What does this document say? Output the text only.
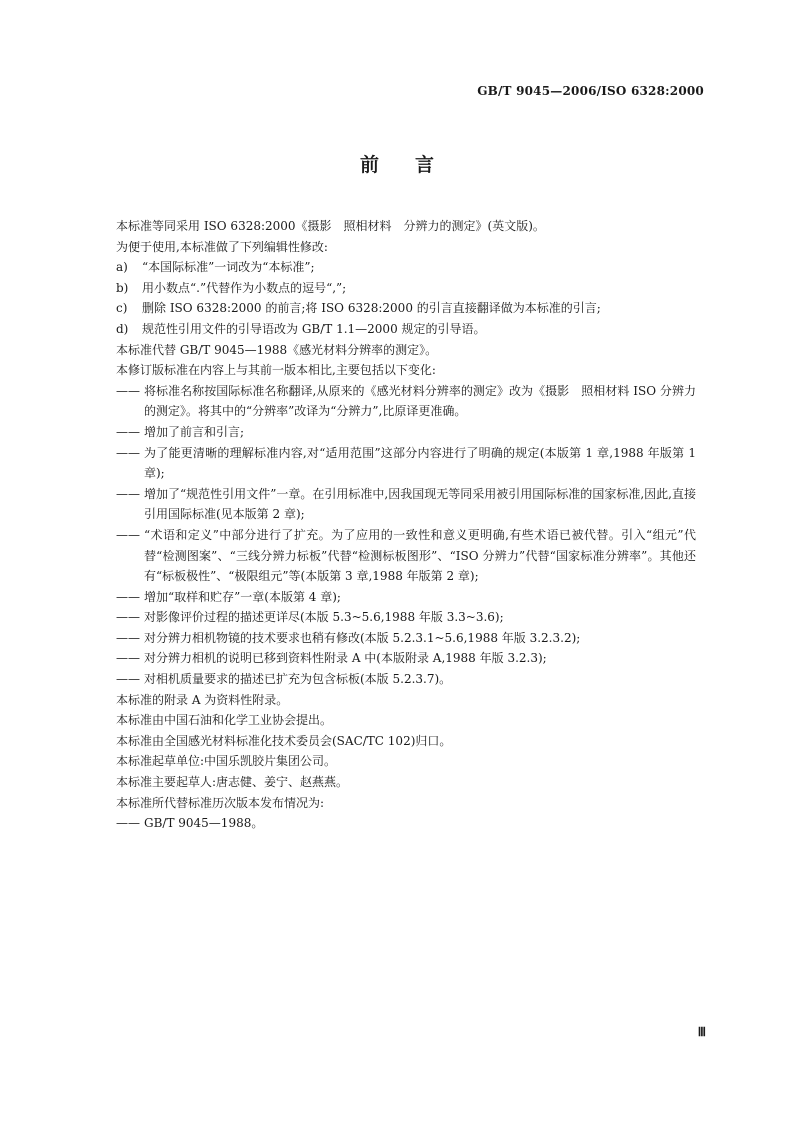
GB/T 9045—2006/ISO 6328:2000
前言
本标准等同采用 ISO 6328:2000《摄影　照相材料　分辨力的测定》(英文版)。
为便于使用,本标准做了下列编辑性修改:
a)	“本国际标准”一词改为“本标准”;
b)	用小数点“.”代替作为小数点的逗号“,”;
c)	删除 ISO 6328:2000 的前言;将 ISO 6328:2000 的引言直接翻译做为本标准的引言;
d)	规范性引用文件的引导语改为 GB/T 1.1—2000 规定的引导语。
本标准代替 GB/T 9045—1988《感光材料分辨率的测定》。
本修订版标准在内容上与其前一版本相比,主要包括以下变化:
—— 将标准名称按国际标准名称翻译,从原来的《感光材料分辨率的测定》改为《摄影　照相材料 ISO 分辨力的测定》。将其中的“分辨率”改译为“分辨力”,比原译更准确。
—— 增加了前言和引言;
—— 为了能更清晰的理解标准内容,对“适用范围”这部分内容进行了明确的规定(本版第 1 章,1988 年版第 1 章);
—— 增加了“规范性引用文件”一章。在引用标准中,因我国现无等同采用被引用国际标准的国家标准,因此,直接引用国际标准(见本版第 2 章);
—— “术语和定义”中部分进行了扩充。为了应用的一致性和意义更明确,有些术语已被代替。引入“组元”代替“检测图案”、“三线分辨力标板”代替“检测标板图形”、“ISO 分辨力”代替“国家标准分辨率”。其他还有“标板极性”、“极限组元”等(本版第 3 章,1988 年版第 2 章);
—— 增加“取样和贮存”一章(本版第 4 章);
—— 对影像评价过程的描述更详尽(本版 5.3~5.6,1988 年版 3.3~3.6);
—— 对分辨力相机物镜的技术要求也稍有修改(本版 5.2.3.1~5.6,1988 年版 3.2.3.2);
—— 对分辨力相机的说明已移到资料性附录 A 中(本版附录 A,1988 年版 3.2.3);
—— 对相机质量要求的描述已扩充为包含标板(本版 5.2.3.7)。
本标准的附录 A 为资料性附录。
本标准由中国石油和化学工业协会提出。
本标准由全国感光材料标准化技术委员会(SAC/TC 102)归口。
本标准起草单位:中国乐凯胶片集团公司。
本标准主要起草人:唐志健、姜宁、赵燕燕。
本标准所代替标准历次版本发布情况为:
—— GB/T 9045—1988。
Ⅲ
